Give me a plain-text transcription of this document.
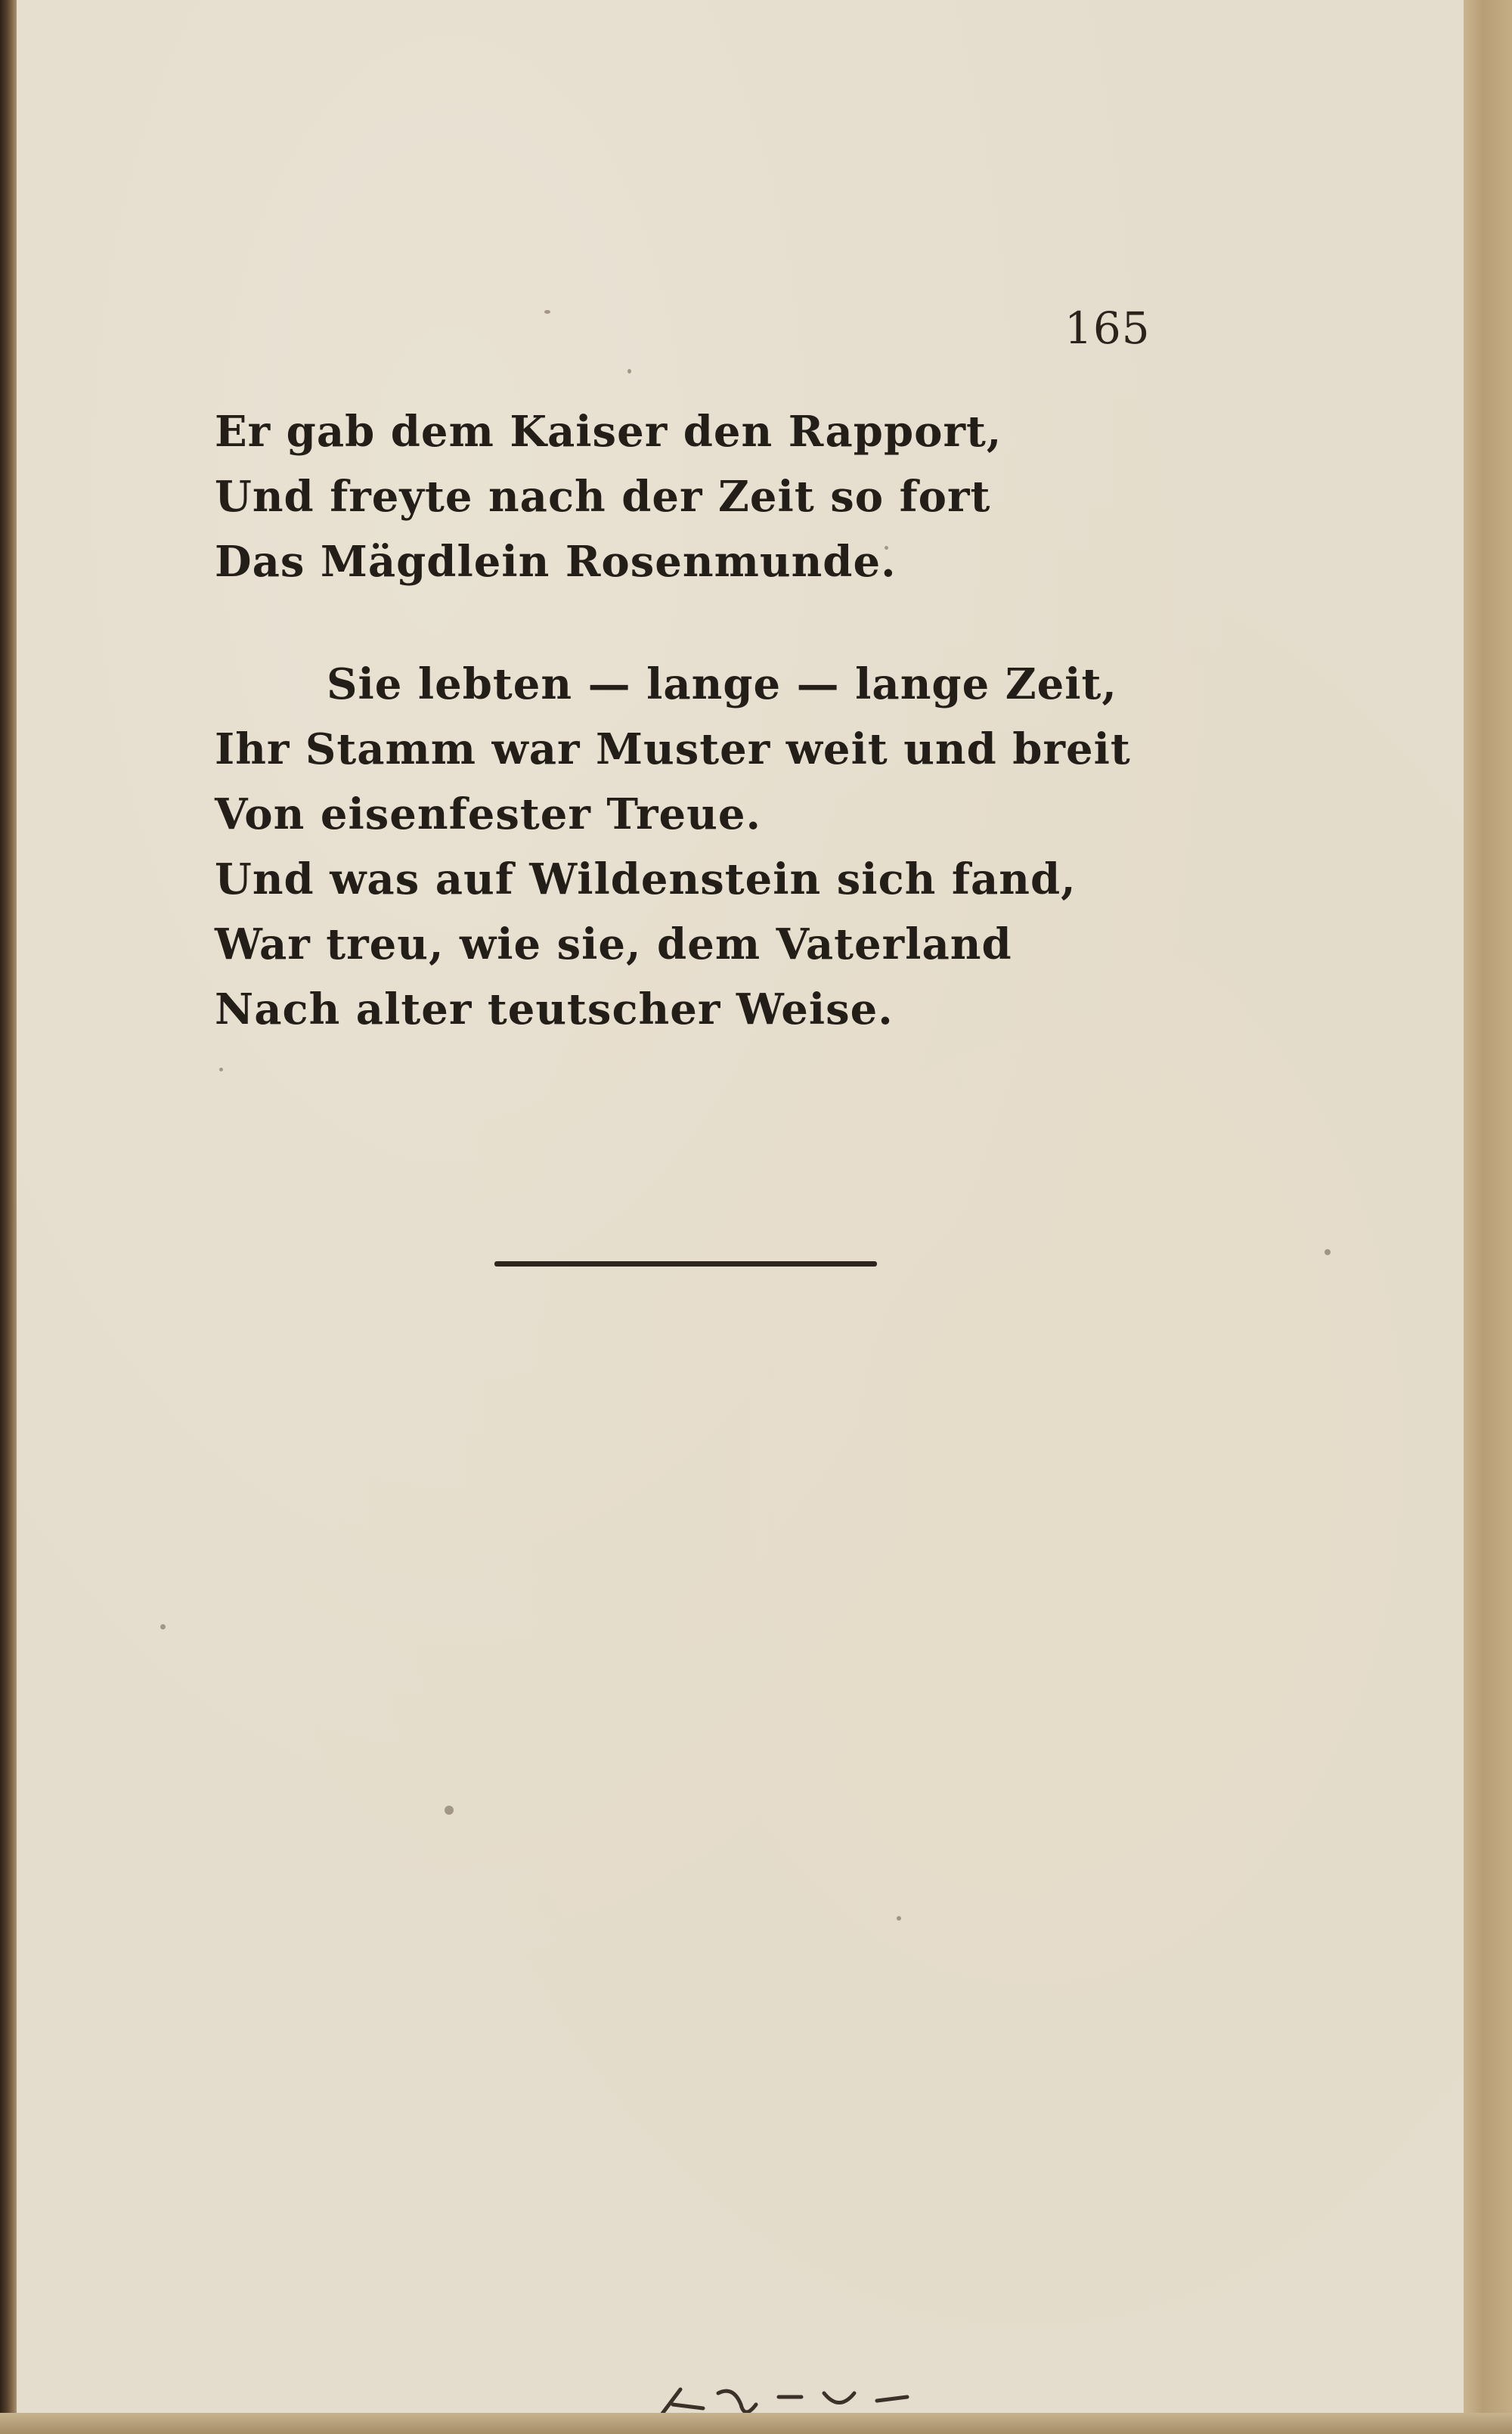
165
Er gab dem Kaiser den Rapport,
Und freyte nach der Zeit so fort
Das Mägdlein Rosenmunde.
Sie lebten — lange — lange Zeit,
Ihr Stamm war Muster weit und breit
Von eisenfester Treue.
Und was auf Wildenstein sich fand,
War treu, wie sie, dem Vaterland
Nach alter teutscher Weise.
